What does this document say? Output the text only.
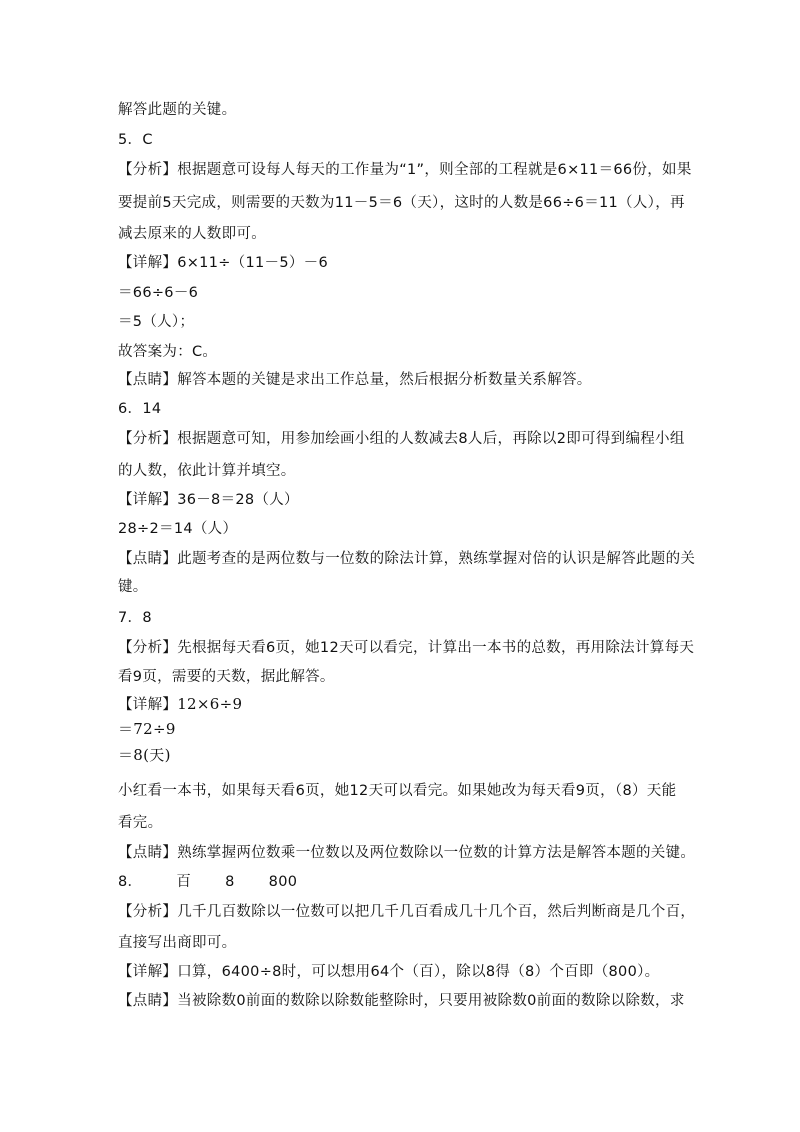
解答此题的关键。
5．C
【分析】根据题意可设每人每天的工作量为“1”，则全部的工程就是6×11＝66份，如果
要提前5天完成，则需要的天数为11－5＝6（天），这时的人数是66÷6＝11（人），再
减去原来的人数即可。
【详解】6×11÷（11－5）－6
＝66÷6－6
＝5（人）；
故答案为：C。
【点睛】解答本题的关键是求出工作总量，然后根据分析数量关系解答。
6．14
【分析】根据题意可知，用参加绘画小组的人数减去8人后，再除以2即可得到编程小组
的人数，依此计算并填空。
【详解】36－8＝28（人）
28÷2＝14（人）
【点睛】此题考查的是两位数与一位数的除法计算，熟练掌握对倍的认识是解答此题的关
键。
7．8
【分析】先根据每天看6页，她12天可以看完，计算出一本书的总数，再用除法计算每天
看9页，需要的天数，据此解答。
【详解】12×6÷9
＝72÷9
＝8(天)
小红看一本书，如果每天看6页，她12天可以看完。如果她改为每天看9页，（8）天能
看完。
【点睛】熟练掌握两位数乘一位数以及两位数除以一位数的计算方法是解答本题的关键。
8． 百 8 800
【分析】几千几百数除以一位数可以把几千几百看成几十几个百，然后判断商是几个百，
直接写出商即可。
【详解】口算，6400÷8时，可以想用64个（百），除以8得（8）个百即（800）。
【点睛】当被除数0前面的数除以除数能整除时，只要用被除数0前面的数除以除数，求
